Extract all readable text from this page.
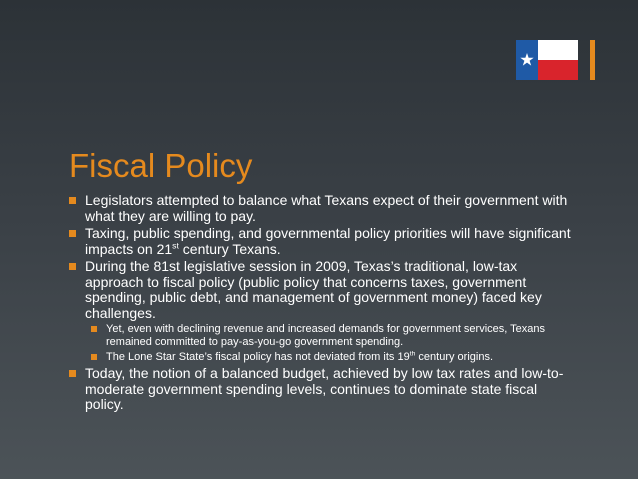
Fiscal Policy
Legislators attempted to balance what Texans expect of their government with what they are willing to pay.
Taxing, public spending, and governmental policy priorities will have significant impacts on 21st century Texans.
During the 81st legislative session in 2009, Texas’s traditional, low-tax approach to fiscal policy (public policy that concerns taxes, government spending, public debt, and management of government money) faced key challenges.
Yet, even with declining revenue and increased demands for government services, Texans remained committed to pay-as-you-go government spending.
The Lone Star State’s fiscal policy has not deviated from its 19th century origins.
Today, the notion of a balanced budget, achieved by low tax rates and low-to-moderate government spending levels, continues to dominate state fiscal policy.
